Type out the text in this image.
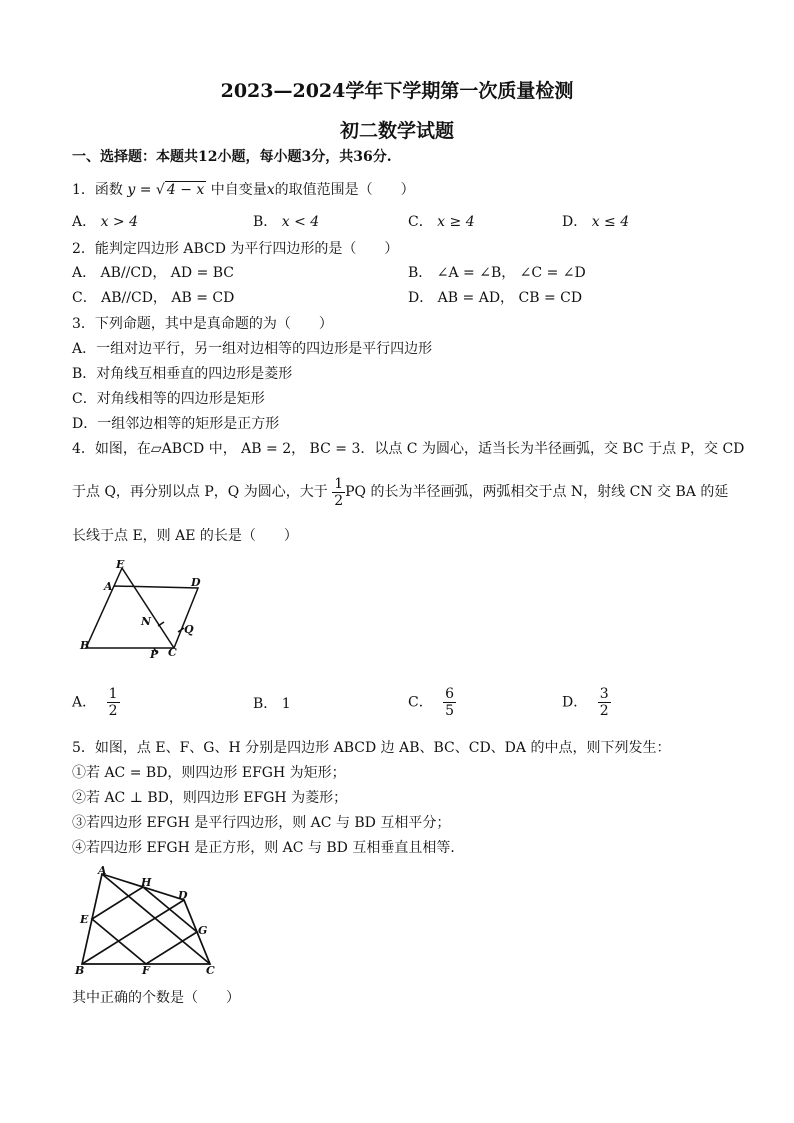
2023—2024学年下学期第一次质量检测
初二数学试题
一、选择题：本题共12小题，每小题3分，共36分.
1．函数 y = √ 4 − x 中自变量x的取值范围是（　　）
A． x > 4	B． x < 4	C． x ≥ 4	D． x ≤ 4
2．能判定四边形 ABCD 为平行四边形的是（　　）
A． AB//CD， AD = BC	B． ∠A = ∠B， ∠C = ∠D
C． AB//CD， AB = CD	D． AB = AD， CB = CD
3．下列命题，其中是真命题的为（　　）
A．一组对边平行，另一组对边相等的四边形是平行四边形
B．对角线互相垂直的四边形是菱形
C．对角线相等的四边形是矩形
D．一组邻边相等的矩形是正方形
4．如图，在▱ABCD 中， AB = 2， BC = 3．以点 C 为圆心，适当长为半径画弧，交 BC 于点 P，交 CD
于点 Q，再分别以点 P，Q 为圆心，大于 $\frac{1}{2}$ PQ 的长为半径画弧，两弧相交于点 N，射线 CN 交 BA 的延
长线于点 E，则 AE 的长是（　　）
E
A	D
N
Q
B
P C
A． $\frac{1}{2}$	B． 1	C． $\frac{6}{5}$	D． $\frac{3}{2}$
5．如图，点 E、F、G、H 分别是四边形 ABCD 边 AB、BC、CD、DA 的中点，则下列发生：
①若 AC = BD，则四边形 EFGH 为矩形；
②若 AC ⊥ BD，则四边形 EFGH 为菱形；
③若四边形 EFGH 是平行四边形，则 AC 与 BD 互相平分；
④若四边形 EFGH 是正方形，则 AC 与 BD 互相垂直且相等．
A
H
D
E
G
B	F	C
其中正确的个数是（　　）
